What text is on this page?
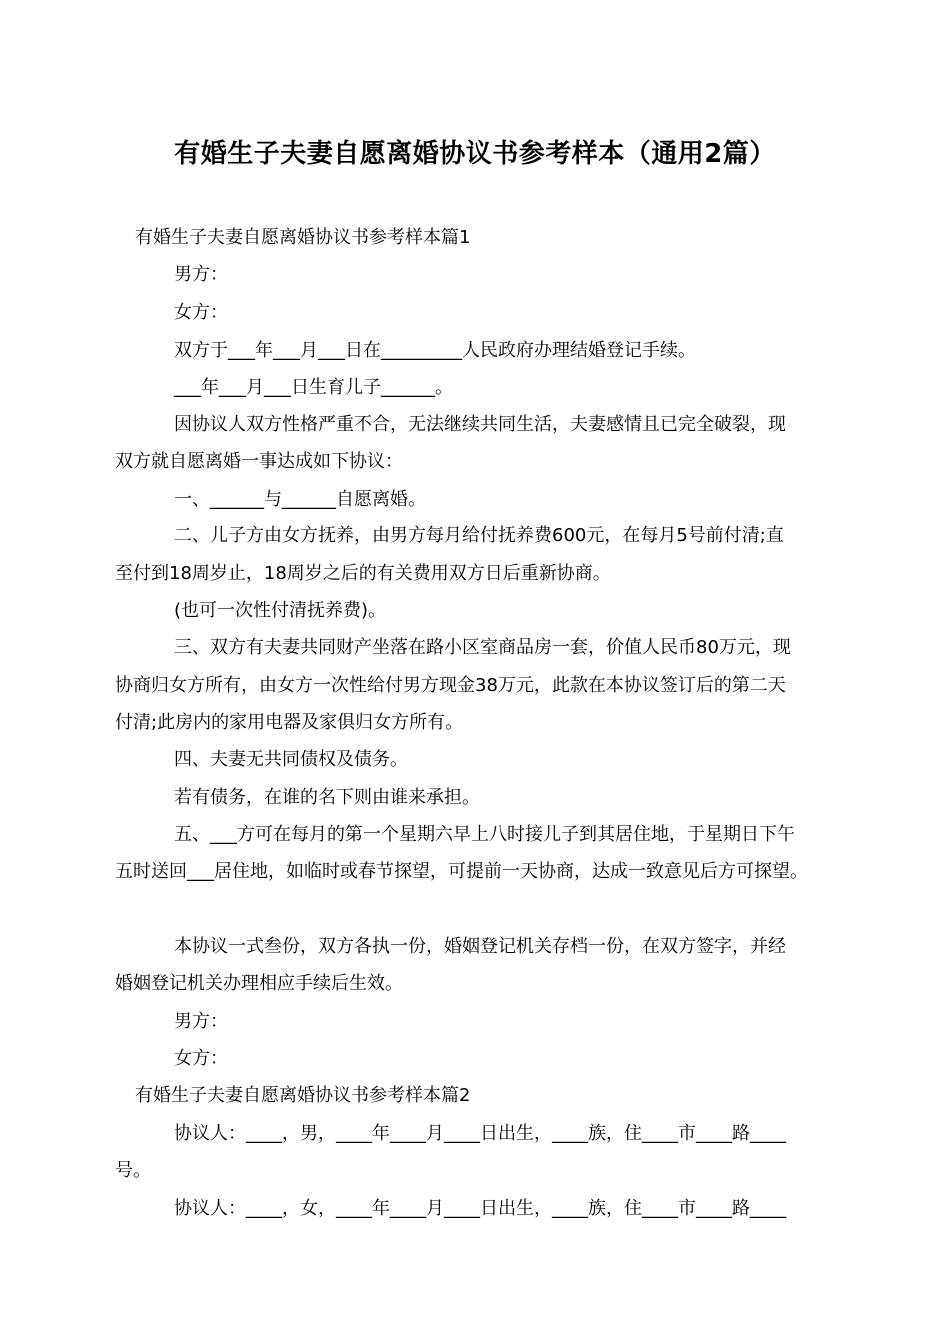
有婚生子夫妻自愿离婚协议书参考样本（通用2篇）
有婚生子夫妻自愿离婚协议书参考样本篇1
男方：
女方：
双方于___年___月___日在_________人民政府办理结婚登记手续。
___年___月___日生育儿子______。
因协议人双方性格严重不合，无法继续共同生活，夫妻感情且已完全破裂，现
双方就自愿离婚一事达成如下协议：
一、______与______自愿离婚。
二、儿子方由女方抚养，由男方每月给付抚养费600元，在每月5号前付清;直
至付到18周岁止，18周岁之后的有关费用双方日后重新协商。
(也可一次性付清抚养费)。
三、双方有夫妻共同财产坐落在路小区室商品房一套，价值人民币80万元，现
协商归女方所有，由女方一次性给付男方现金38万元，此款在本协议签订后的第二天
付清;此房内的家用电器及家俱归女方所有。
四、夫妻无共同债权及债务。
若有债务，在谁的名下则由谁来承担。
五、___方可在每月的第一个星期六早上八时接儿子到其居住地，于星期日下午
五时送回___居住地，如临时或春节探望，可提前一天协商，达成一致意见后方可探望。
本协议一式叁份，双方各执一份，婚姻登记机关存档一份，在双方签字，并经
婚姻登记机关办理相应手续后生效。
男方：
女方：
有婚生子夫妻自愿离婚协议书参考样本篇2
协议人：____，男，____年____月____日出生，____族，住____市____路____
号。
协议人：____，女，____年____月____日出生，____族，住____市____路____
